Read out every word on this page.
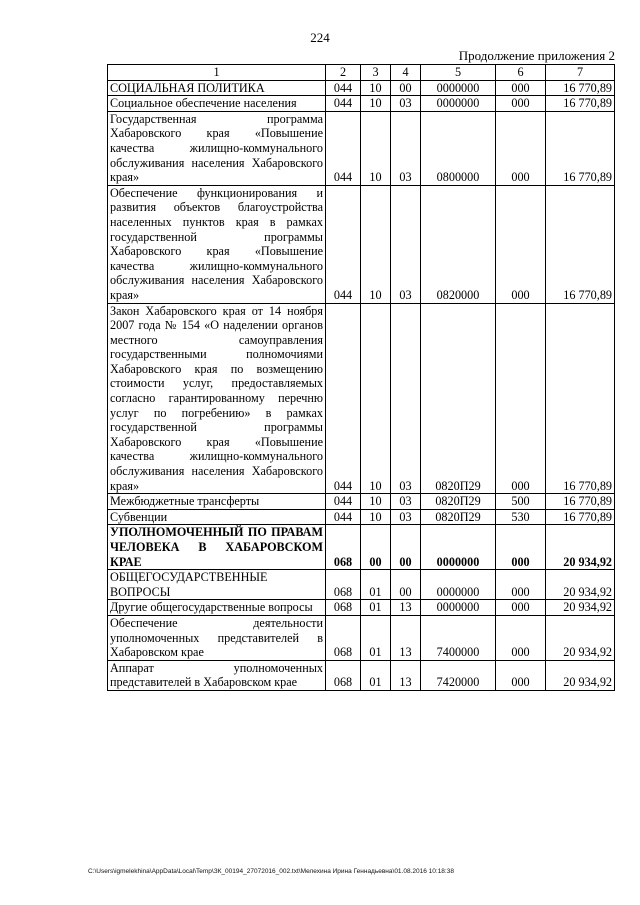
224
Продолжение приложения 2
1	2	3	4	5	6	7
СОЦИАЛЬНАЯ ПОЛИТИКА	044	10	00	0000000	000	16 770,89
Социальное обеспечение населения	044	10	03	0000000	000	16 770,89
Государственная программа Хабаровского края «Повышение качества жилищно-коммунального обслуживания населения Хабаровского края»	044	10	03	0800000	000	16 770,89
Обеспечение функционирования и развития объектов благоустройства населенных пунктов края в рамках государственной программы Хабаровского края «Повышение качества жилищно-коммунального обслуживания населения Хабаровского края»	044	10	03	0820000	000	16 770,89
Закон Хабаровского края от 14 ноября 2007 года № 154 «О наделении органов местного самоуправления государственными полномочиями Хабаровского края по возмещению стоимости услуг, предоставляемых согласно гарантированному перечню услуг по погребению» в рамках государственной программы Хабаровского края «Повышение качества жилищно-коммунального обслуживания населения Хабаровского края»	044	10	03	0820П29	000	16 770,89
Межбюджетные трансферты	044	10	03	0820П29	500	16 770,89
Субвенции	044	10	03	0820П29	530	16 770,89
УПОЛНОМОЧЕННЫЙ ПО ПРАВАМ ЧЕЛОВЕКА В ХАБАРОВСКОМ КРАЕ	068	00	00	0000000	000	20 934,92
ОБЩЕГОСУДАРСТВЕННЫЕ ВОПРОСЫ	068	01	00	0000000	000	20 934,92
Другие общегосударственные вопросы	068	01	13	0000000	000	20 934,92
Обеспечение деятельности уполномоченных представителей в Хабаровском крае	068	01	13	7400000	000	20 934,92
Аппарат уполномоченных представителей в Хабаровском крае	068	01	13	7420000	000	20 934,92
C:\Users\igmelekhina\AppData\Local\Temp\ЗК_00194_27072016_002.txt\Мелехина Ирина Геннадьевна\01.08.2016 10:18:38
